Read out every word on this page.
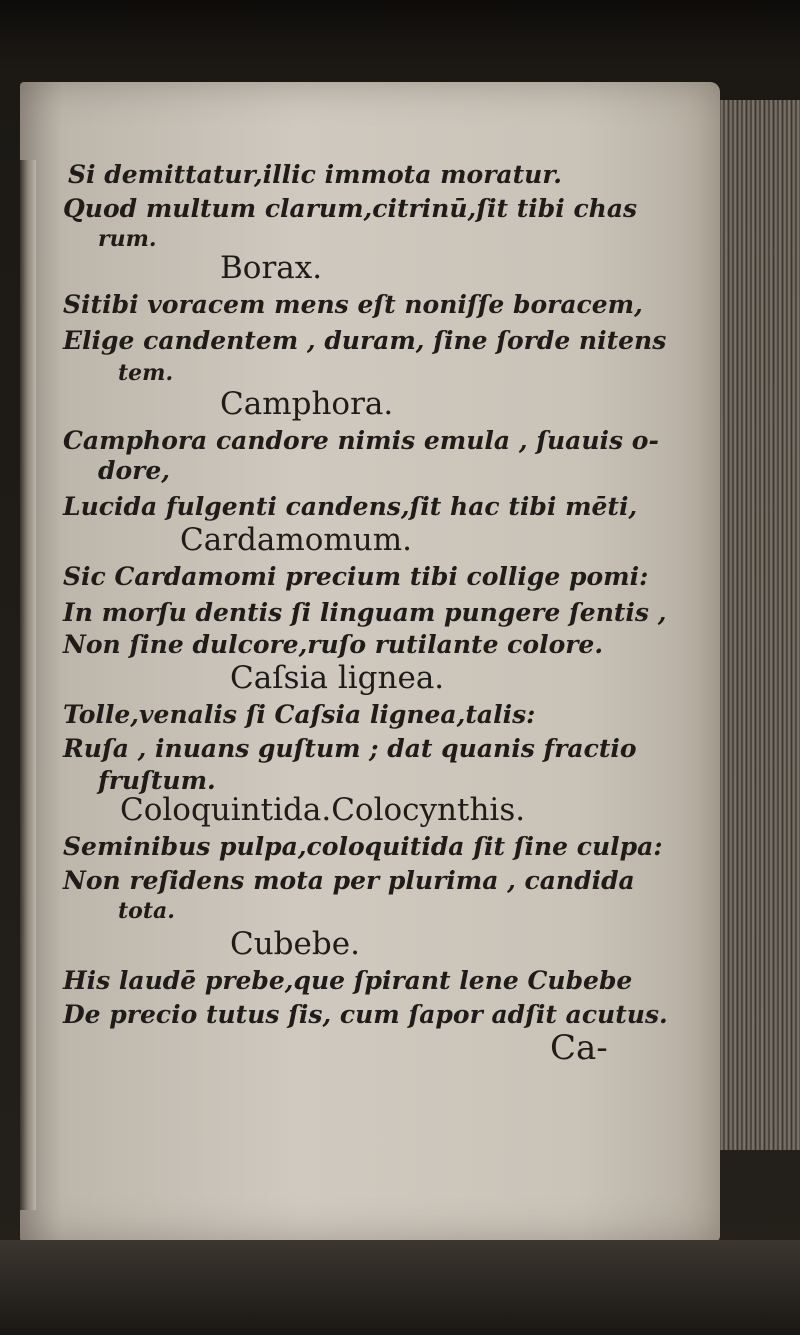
Si demittatur,illic immota moratur.
Quod multum clarum,citrinū,ſit tibi chas
rum.
Borax.
Sitibi voracem mens eſt noniſſe boracem,
Elige candentem , duram, ſine ſorde nitens
tem.
Camphora.
Camphora candore nimis emula , ſuauis o-
dore,
Lucida fulgenti candens,ſit hac tibi mēti,
Cardamomum.
Sic Cardamomi precium tibi collige pomi:
In morſu dentis ſi linguam pungere ſentis ,
Non ſine dulcore,ruſo rutilante colore.
Caſsia lignea.
Tolle,venalis ſi Caſsia lignea,talis:
Ruſa , inuans guſtum ; dat quanis fractio
fruſtum.
Coloquintida.Colocynthis.
Seminibus pulpa,coloquitida ſit ſine culpa:
Non reſidens mota per plurima , candida
tota.
Cubebe.
His laudē prebe,que ſpirant lene Cubebe
De precio tutus ſis, cum ſapor adſit acutus.
Ca-
